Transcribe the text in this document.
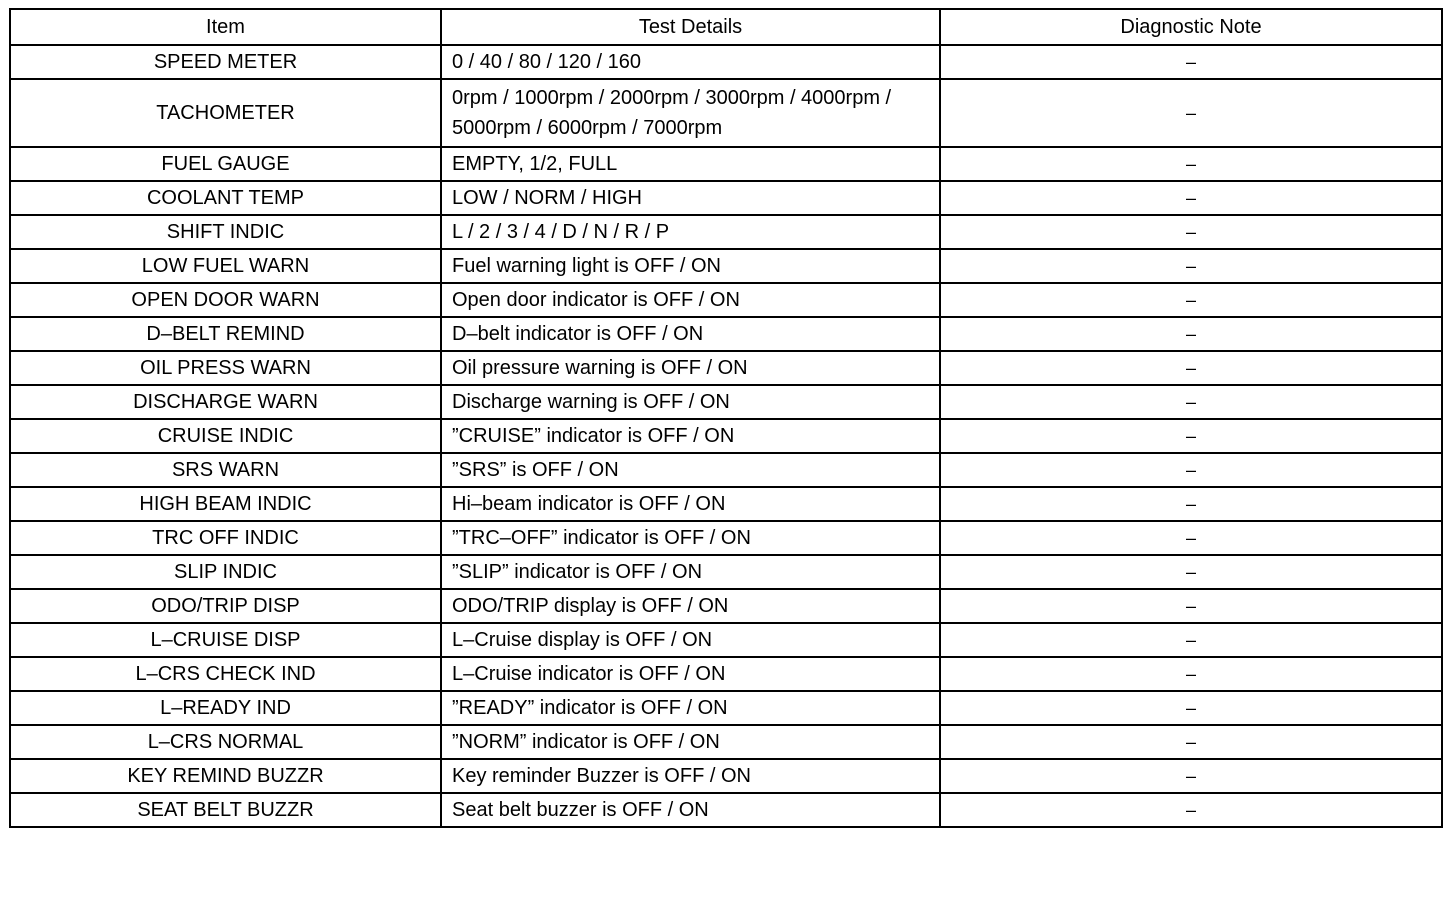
Item	Test Details	Diagnostic Note
SPEED METER	0 / 40 / 80 / 120 / 160	–
TACHOMETER	0rpm / 1000rpm / 2000rpm / 3000rpm / 4000rpm / 5000rpm / 6000rpm / 7000rpm	–
FUEL GAUGE	EMPTY, 1/2, FULL	–
COOLANT TEMP	LOW / NORM / HIGH	–
SHIFT INDIC	L / 2 / 3 / 4 / D / N / R / P	–
LOW FUEL WARN	Fuel warning light is OFF / ON	–
OPEN DOOR WARN	Open door indicator is OFF / ON	–
D–BELT REMIND	D–belt indicator is OFF / ON	–
OIL PRESS WARN	Oil pressure warning is OFF / ON	–
DISCHARGE WARN	Discharge warning is OFF / ON	–
CRUISE INDIC	”CRUISE” indicator is OFF / ON	–
SRS WARN	”SRS” is OFF / ON	–
HIGH BEAM INDIC	Hi–beam indicator is OFF / ON	–
TRC OFF INDIC	”TRC–OFF” indicator is OFF / ON	–
SLIP INDIC	”SLIP” indicator is OFF / ON	–
ODO/TRIP DISP	ODO/TRIP display is OFF / ON	–
L–CRUISE DISP	L–Cruise display is OFF / ON	–
L–CRS CHECK IND	L–Cruise indicator is OFF / ON	–
L–READY IND	”READY” indicator is OFF / ON	–
L–CRS NORMAL	”NORM” indicator is OFF / ON	–
KEY REMIND BUZZR	Key reminder Buzzer is OFF / ON	–
SEAT BELT BUZZR	Seat belt buzzer is OFF / ON	–
